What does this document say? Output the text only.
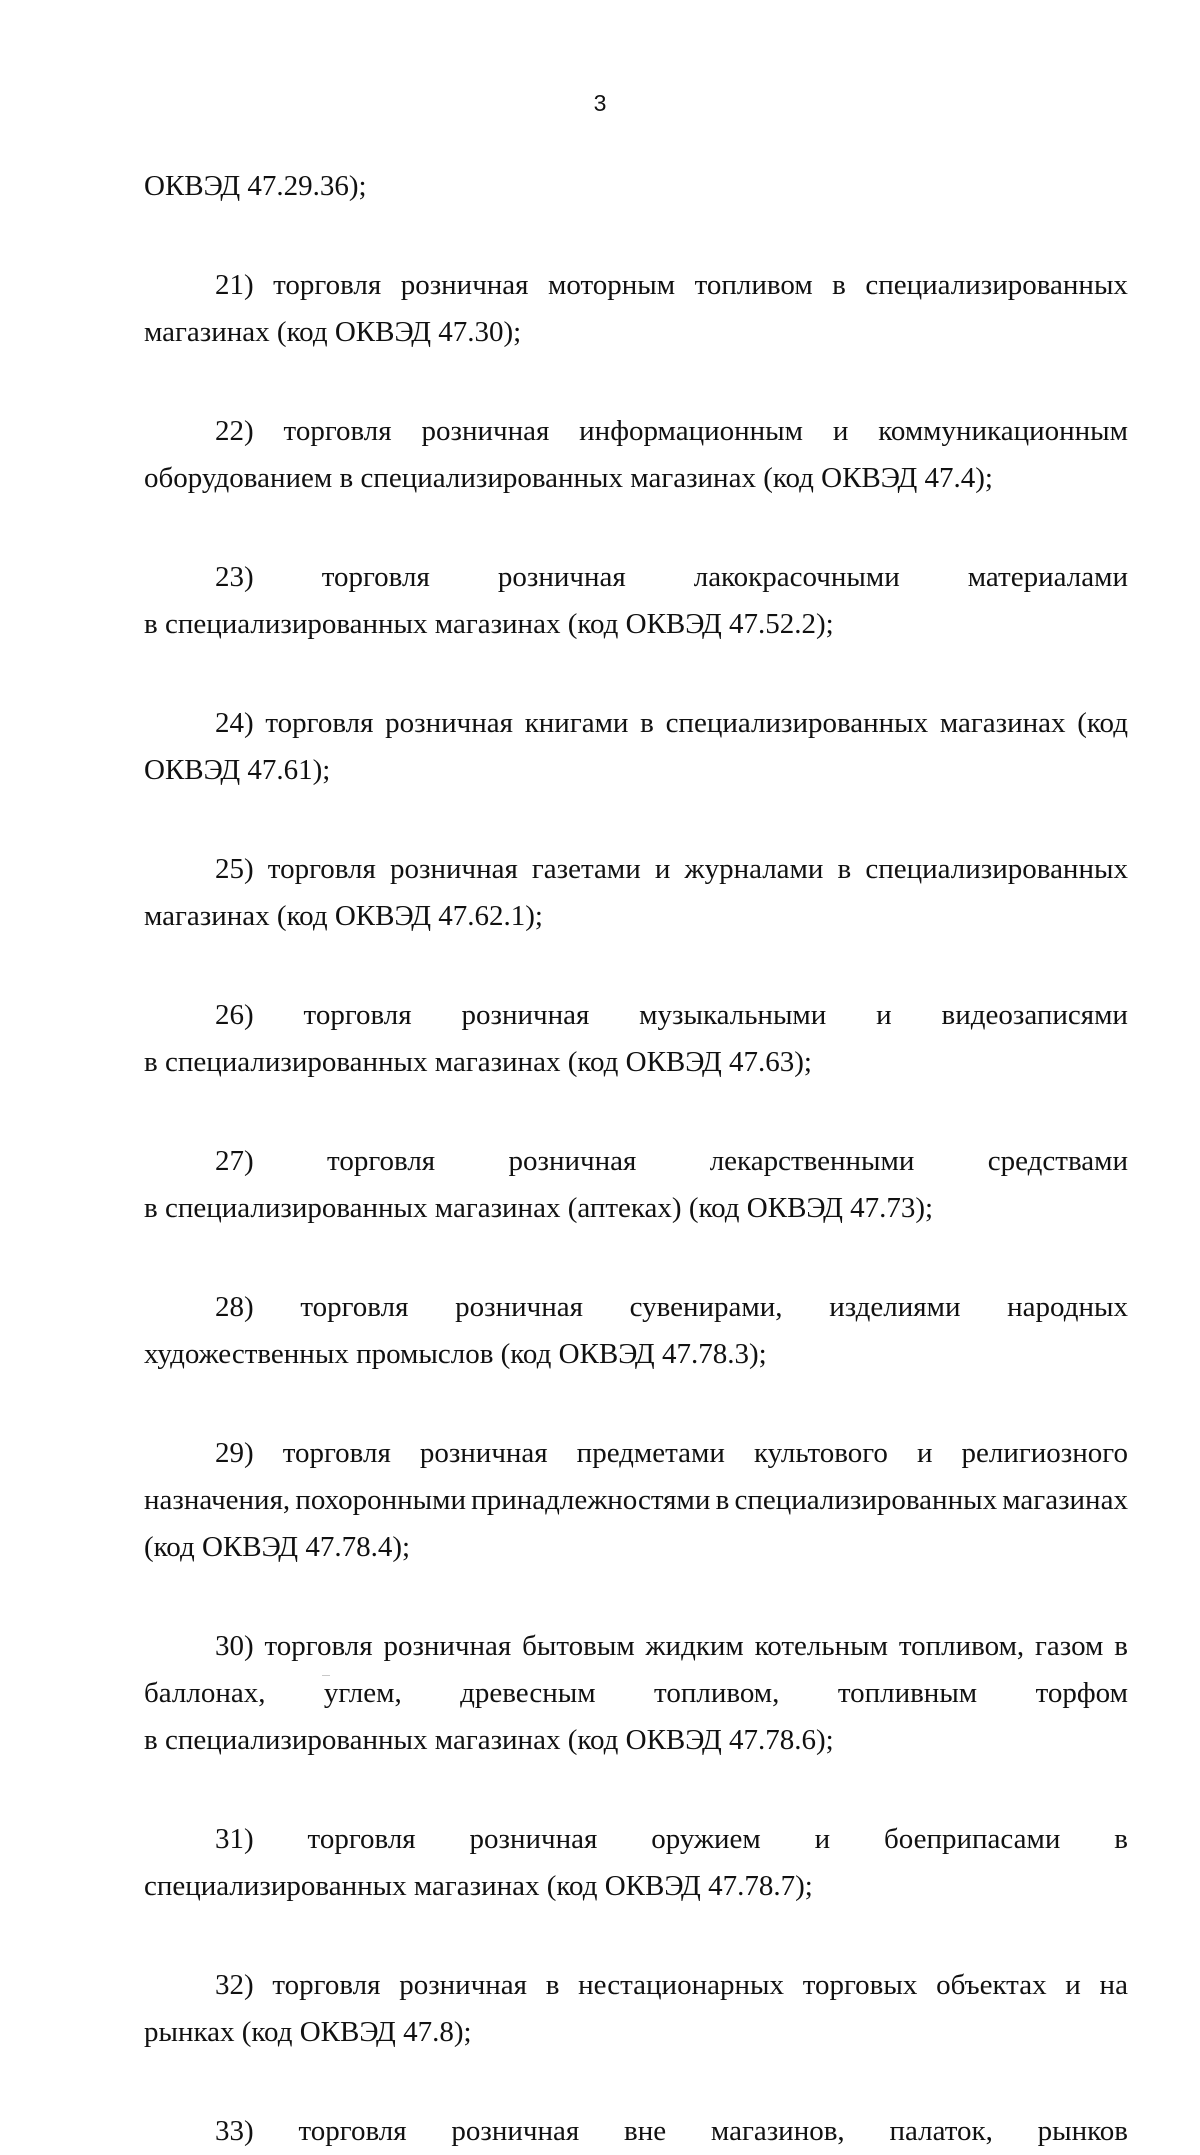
3
ОКВЭД 47.29.36);
21) торговля розничная моторным топливом в специализированных
магазинах (код ОКВЭД 47.30);
22) торговля розничная информационным и коммуникационным
оборудованием в специализированных магазинах (код ОКВЭД 47.4);
23) торговля розничная лакокрасочными материалами
в специализированных магазинах (код ОКВЭД 47.52.2);
24) торговля розничная книгами в специализированных магазинах (код
ОКВЭД 47.61);
25) торговля розничная газетами и журналами в специализированных
магазинах (код ОКВЭД 47.62.1);
26) торговля розничная музыкальными и видеозаписями
в специализированных магазинах (код ОКВЭД 47.63);
27)	торговля	розничная	лекарственными	средствами
в специализированных магазинах (аптеках) (код ОКВЭД 47.73);
28) торговля розничная сувенирами, изделиями народных
художественных промыслов (код ОКВЭД 47.78.3);
29) торговля розничная предметами культового и религиозного
назначения, похоронными принадлежностями в специализированных магазинах
(код ОКВЭД 47.78.4);
30) торговля розничная бытовым жидким котельным топливом, газом в
баллонах, углем, древесным топливом, топливным торфом
в специализированных магазинах (код ОКВЭД 47.78.6);
31) торговля розничная оружием и боеприпасами в
специализированных магазинах (код ОКВЭД 47.78.7);
32) торговля розничная в нестационарных торговых объектах и на
рынках (код ОКВЭД 47.8);
33) торговля розничная вне магазинов, палаток, рынков
